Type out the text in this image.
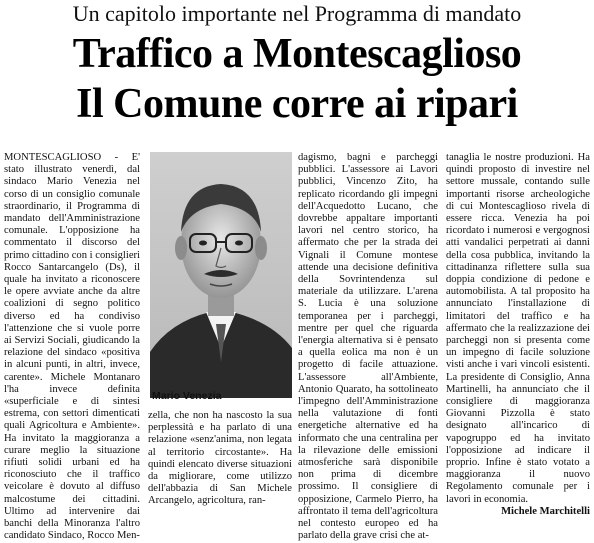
Un capitolo importante nel Programma di mandato
Traffico a Montescaglioso
Il Comune corre ai ripari

MONTESCAGLIOSO - E' stato illustrato venerdì, dal sindaco Mario Venezia nel corso di un consiglio comunale straordinario, il Programma di mandato dell'Amministrazione comunale. L'opposizione ha commentato il discorso del primo cittadino con i consiglieri Rocco Santarcangelo (Ds), il quale ha invitato a riconoscere le opere avviate anche da altre coalizioni di segno politico diverso ed ha condiviso l'attenzione che si vuole porre ai Servizi Sociali, giudicando la relazione del sindaco «positiva in alcuni punti, in altri, invece, carente». Michele Montanaro l'ha invece definita «superficiale e di sintesi estrema, con settori dimenticati quali Agricoltura e Ambiente». Ha invitato la maggioranza a curare meglio la situazione rifiuti solidi urbani ed ha riconosciuto che il traffico veicolare è dovuto al diffuso malcostume dei cittadini. Ultimo ad intervenire dai banchi della Minoranza l'altro candidato Sindaco, Rocco Men-

Mario Venezia

zella, che non ha nascosto la sua perplessità e ha parlato di una relazione «senz'anima, non legata al territorio circostante». Ha quindi elencato diverse situazioni da migliorare, come utilizzo dell'abbazia di San Michele Arcangelo, agricoltura, ran-

dagismo, bagni e parcheggi pubblici. L'assessore ai Lavori pubblici, Vincenzo Zito, ha replicato ricordando gli impegni dell'Acquedotto Lucano, che dovrebbe appaltare importanti lavori nel centro storico, ha affermato che per la strada dei Vignali il Comune montese attende una decisione definitiva della Sovrintendenza sul materiale da utilizzare. L'arena S. Lucia è una soluzione temporanea per i parcheggi, mentre per quel che riguarda l'energia alternativa si è pensato a quella eolica ma non è un progetto di facile attuazione. L'assessore all'Ambiente, Antonio Quarato, ha sottolineato l'impegno dell'Amministrazione nella valutazione di fonti energetiche alternative ed ha informato che una centralina per la rilevazione delle emissioni atmosferiche sarà disponibile non prima di dicembre prossimo. Il consigliere di opposizione, Carmelo Pierro, ha affrontato il tema dell'agricoltura nel contesto europeo ed ha parlato della grave crisi che at-

tanaglia le nostre produzioni. Ha quindi proposto di investire nel settore mussale, contando sulle importanti risorse archeologiche di cui Montescaglioso rivela di essere ricca. Venezia ha poi ricordato i numerosi e vergognosi atti vandalici perpetrati ai danni della cosa pubblica, invitando la cittadinanza riflettere sulla sua doppia condizione di pedone e automobilista. A tal proposito ha annunciato l'installazione di limitatori del traffico e ha affermato che la realizzazione dei parcheggi non si presenta come un impegno di facile soluzione visti anche i vari vincoli esistenti. La presidente di Consiglio, Anna Martinelli, ha annunciato che il consigliere di maggioranza Giovanni Pizzolla è stato designato all'incarico di vapogruppo ed ha invitato l'opposizione ad indicare il proprio. Infine è stato votato a maggioranza il nuovo Regolamento comunale per i lavori in economia.

Michele Marchitelli
